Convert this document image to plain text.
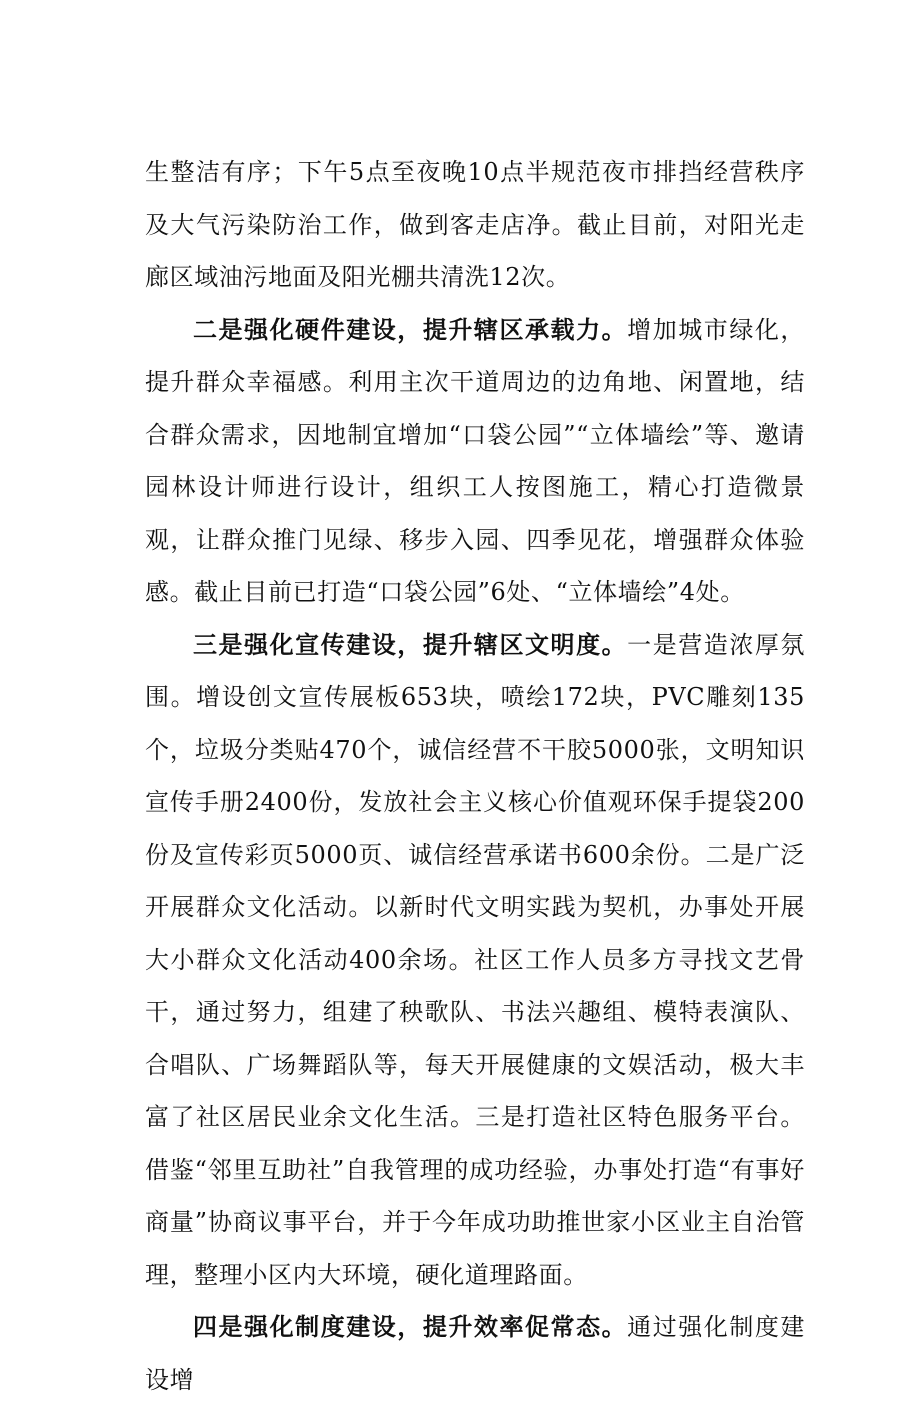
生整洁有序；下午5点至夜晚10点半规范夜市排挡经营秩序及大气污染防治工作，做到客走店净。截止目前，对阳光走廊区域油污地面及阳光棚共清洗12次。

二是强化硬件建设，提升辖区承载力。增加城市绿化，提升群众幸福感。利用主次干道周边的边角地、闲置地，结合群众需求，因地制宜增加“口袋公园”“立体墙绘”等、邀请园林设计师进行设计，组织工人按图施工，精心打造微景观，让群众推门见绿、移步入园、四季见花，增强群众体验感。截止目前已打造“口袋公园”6处、“立体墙绘”4处。

三是强化宣传建设，提升辖区文明度。一是营造浓厚氛围。增设创文宣传展板653块，喷绘172块，PVC雕刻135个，垃圾分类贴470个，诚信经营不干胶5000张，文明知识宣传手册2400份，发放社会主义核心价值观环保手提袋200份及宣传彩页5000页、诚信经营承诺书600余份。二是广泛开展群众文化活动。以新时代文明实践为契机，办事处开展大小群众文化活动400余场。社区工作人员多方寻找文艺骨干，通过努力，组建了秧歌队、书法兴趣组、模特表演队、合唱队、广场舞蹈队等，每天开展健康的文娱活动，极大丰富了社区居民业余文化生活。三是打造社区特色服务平台。借鉴“邻里互助社”自我管理的成功经验，办事处打造“有事好商量”协商议事平台，并于今年成功助推世家小区业主自治管理，整理小区内大环境，硬化道理路面。

四是强化制度建设，提升效率促常态。通过强化制度建设增
